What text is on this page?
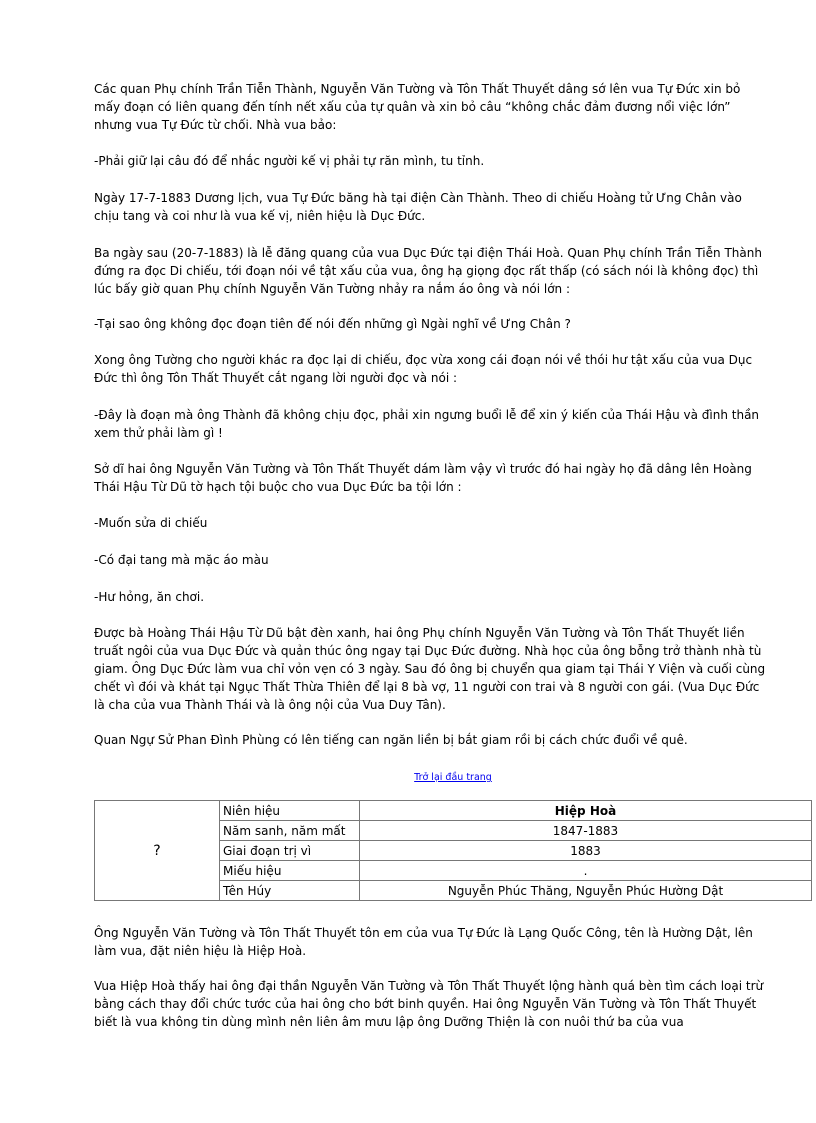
Các quan Phụ chính Trần Tiễn Thành, Nguyễn Văn Tường và Tôn Thất Thuyết dâng sớ lên vua Tự Đức xin bỏ mấy đoạn có liên quang đến tính nết xấu của tự quân và xin bỏ câu “không chắc đảm đương nổi việc lớn” nhưng vua Tự Đức từ chối. Nhà vua bảo:

-Phải giữ lại câu đó để nhắc người kế vị phải tự răn mình, tu tỉnh.

Ngày 17-7-1883 Dương lịch, vua Tự Đức băng hà tại điện Càn Thành. Theo di chiếu Hoàng tử Ưng Chân vào chịu tang và coi như là vua kế vị, niên hiệu là Dục Đức.

Ba ngày sau (20-7-1883) là lễ đăng quang của vua Dục Đức tại điện Thái Hoà. Quan Phụ chính Trần Tiễn Thành đứng ra đọc Di chiếu, tới đoạn nói về tật xấu của vua, ông hạ giọng đọc rất thấp (có sách nói là không đọc) thì lúc bấy giờ quan Phụ chính Nguyễn Văn Tường nhảy ra nắm áo ông và nói lớn :

-Tại sao ông không đọc đoạn tiên đế nói đến những gì Ngài nghĩ về Ưng Chân ?

Xong ông Tường cho người khác ra đọc lại di chiếu, đọc vừa xong cái đoạn nói về thói hư tật xấu của vua Dục Đức thì ông Tôn Thất Thuyết cắt ngang lời người đọc và nói :

-Đây là đoạn mà ông Thành đã không chịu đọc, phải xin ngưng buổi lễ để xin ý kiến của Thái Hậu và đình thần xem thử phải làm gì !

Sở dĩ hai ông Nguyễn Văn Tường và Tôn Thất Thuyết dám làm vậy vì trước đó hai ngày họ đã dâng lên Hoàng Thái Hậu Từ Dũ tờ hạch tội buộc cho vua Dục Đức ba tội lớn :

-Muốn sửa di chiếu

-Có đại tang mà mặc áo màu

-Hư hỏng, ăn chơi.

Được bà Hoàng Thái Hậu Từ Dũ bật đèn xanh, hai ông Phụ chính Nguyễn Văn Tường và Tôn Thất Thuyết liền truất ngôi của vua Dục Đức và quản thúc ông ngay tại Dục Đức đường. Nhà học của ông bỗng trở thành nhà tù giam. Ông Dục Đức làm vua chỉ vỏn vẹn có 3 ngày. Sau đó ông bị chuyển qua giam tại Thái Y Viện và cuối cùng chết vì đói và khát tại Ngục Thất Thừa Thiên để lại 8 bà vợ, 11 người con trai và 8 người con gái. (Vua Dục Đức là cha của vua Thành Thái và là ông nội của Vua Duy Tân).

Quan Ngự Sử Phan Đình Phùng có lên tiếng can ngăn liền bị bắt giam rồi bị cách chức đuổi về quê.

Trở lại đầu trang
?	Niên hiệu	Hiệp Hoà
	Năm sanh, năm mất	1847-1883
	Giai đoạn trị vì	1883
	Miếu hiệu	.
	Tên Húy	Nguyễn Phúc Thăng, Nguyễn Phúc Hường Dật

Ông Nguyễn Văn Tường và Tôn Thất Thuyết tôn em của vua Tự Đức là Lạng Quốc Công, tên là Hường Dật, lên làm vua, đặt niên hiệu là Hiệp Hoà.

Vua Hiệp Hoà thấy hai ông đại thần Nguyễn Văn Tường và Tôn Thất Thuyết lộng hành quá bèn tìm cách loại trừ bằng cách thay đổi chức tước của hai ông cho bớt binh quyền. Hai ông Nguyễn Văn Tường và Tôn Thất Thuyết biết là vua không tin dùng mình nên liên âm mưu lập ông Dưỡng Thiện là con nuôi thứ ba của vua
